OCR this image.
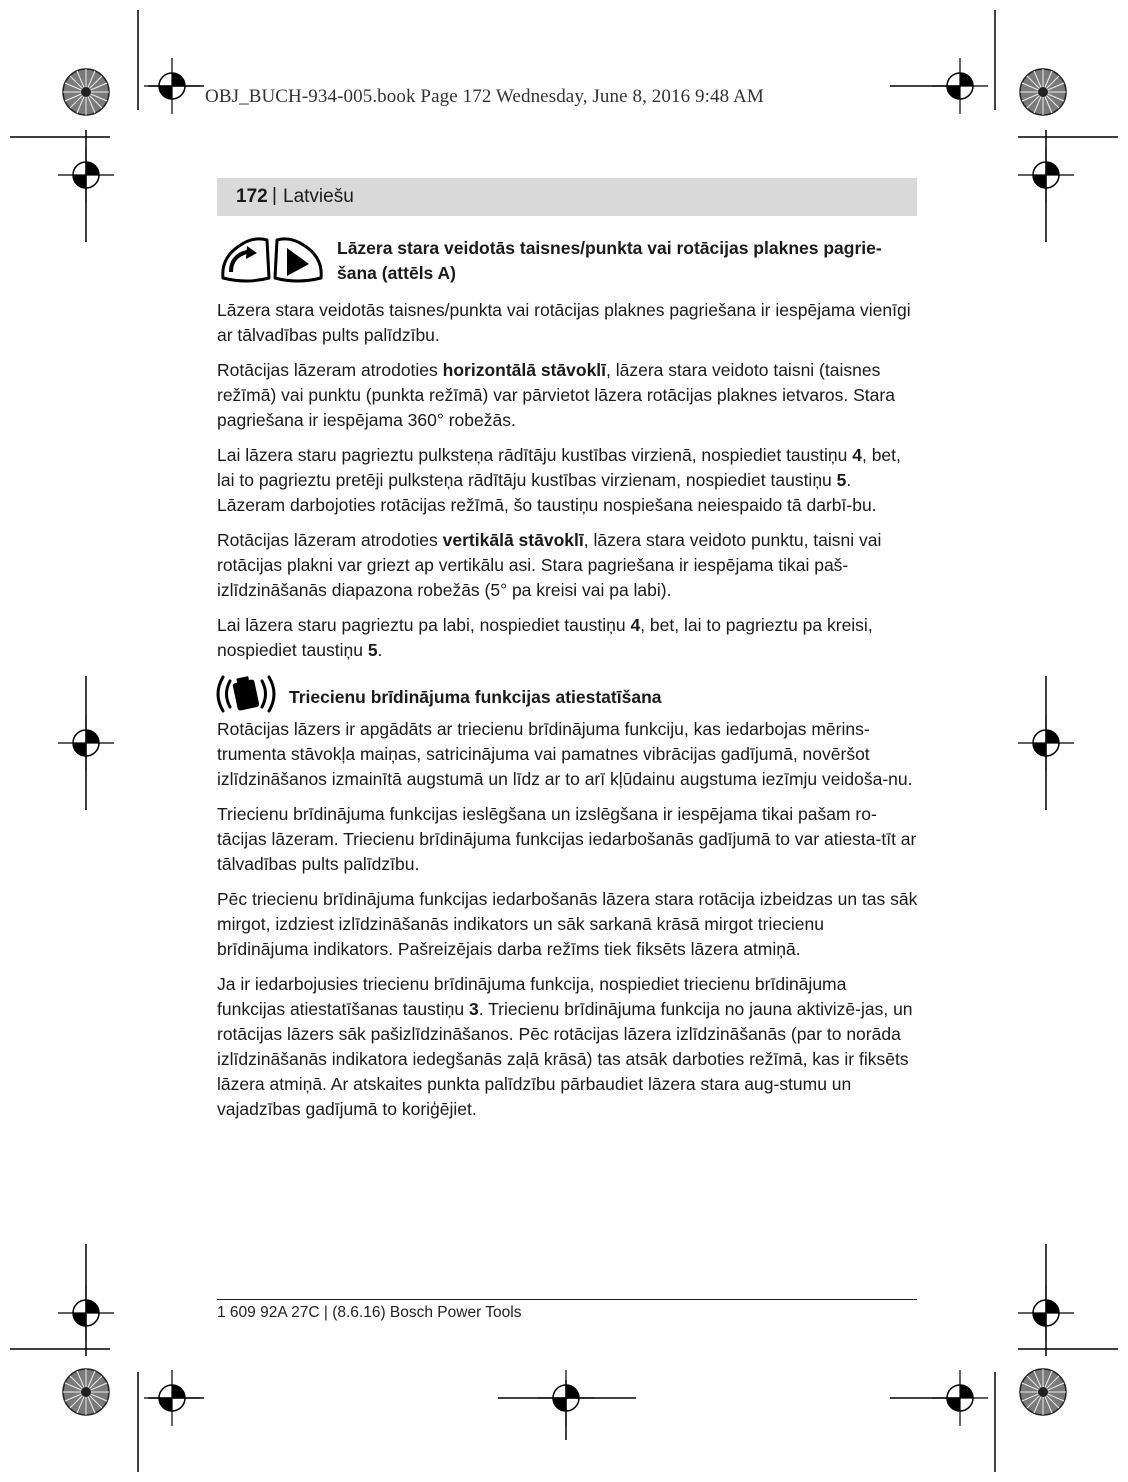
OBJ_BUCH-934-005.book Page 172 Wednesday, June 8, 2016 9:48 AM
172 | Latviešu
Lāzera stara veidotās taisnes/punkta vai rotācijas plaknes pagrie-šana (attēls A)

Lāzera stara veidotās taisnes/punkta vai rotācijas plaknes pagriešana ir iespējama vienīgi ar tālvadības pults palīdzību.

Rotācijas lāzeram atrodoties horizontālā stāvoklī, lāzera stara veidoto taisni (taisnes režīmā) vai punktu (punkta režīmā) var pārvietot lāzera rotācijas plaknes ietvaros. Stara pagriešana ir iespējama 360° robežās.

Lai lāzera staru pagrieztu pulksteņa rādītāju kustības virzienā, nospiediet taustiņu 4, bet, lai to pagrieztu pretēji pulksteņa rādītāju kustības virzienam, nospiediet taustiņu 5. Lāzeram darbojoties rotācijas režīmā, šo taustiņu nospiešana neiespaido tā darbī-bu.

Rotācijas lāzeram atrodoties vertikālā stāvoklī, lāzera stara veidoto punktu, taisni vai rotācijas plakni var griezt ap vertikālu asi. Stara pagriešana ir iespējama tikai paš-izlīdzināšanās diapazona robežās (5° pa kreisi vai pa labi).

Lai lāzera staru pagrieztu pa labi, nospiediet taustiņu 4, bet, lai to pagrieztu pa kreisi, nospiediet taustiņu 5.

Triecienu brīdinājuma funkcijas atiestatīšana

Rotācijas lāzers ir apgādāts ar triecienu brīdinājuma funkciju, kas iedarbojas mērins-trumenta stāvokļa maiņas, satricinājuma vai pamatnes vibrācijas gadījumā, novēršot izlīdzināšanos izmainītā augstumā un līdz ar to arī kļūdainu augstuma iezīmju veidoša-nu.

Triecienu brīdinājuma funkcijas ieslēgšana un izslēgšana ir iespējama tikai pašam ro-tācijas lāzeram. Triecienu brīdinājuma funkcijas iedarbošanās gadījumā to var atiesta-tīt ar tālvadības pults palīdzību.

Pēc triecienu brīdinājuma funkcijas iedarbošanās lāzera stara rotācija izbeidzas un tas sāk mirgot, izdziest izlīdzināšanās indikators un sāk sarkanā krāsā mirgot triecienu brīdinājuma indikators. Pašreizējais darba režīms tiek fiksēts lāzera atmiņā.

Ja ir iedarbojusies triecienu brīdinājuma funkcija, nospiediet triecienu brīdinājuma funkcijas atiestatīšanas taustiņu 3. Triecienu brīdinājuma funkcija no jauna aktivizē-jas, un rotācijas lāzers sāk pašizlīdzināšanos. Pēc rotācijas lāzera izlīdzināšanās (par to norāda izlīdzināšanās indikatora iedegšanās zaļā krāsā) tas atsāk darboties režīmā, kas ir fiksēts lāzera atmiņā. Ar atskaites punkta palīdzību pārbaudiet lāzera stara aug-stumu un vajadzības gadījumā to koriģējiet.

1 609 92A 27C | (8.6.16) Bosch Power Tools
